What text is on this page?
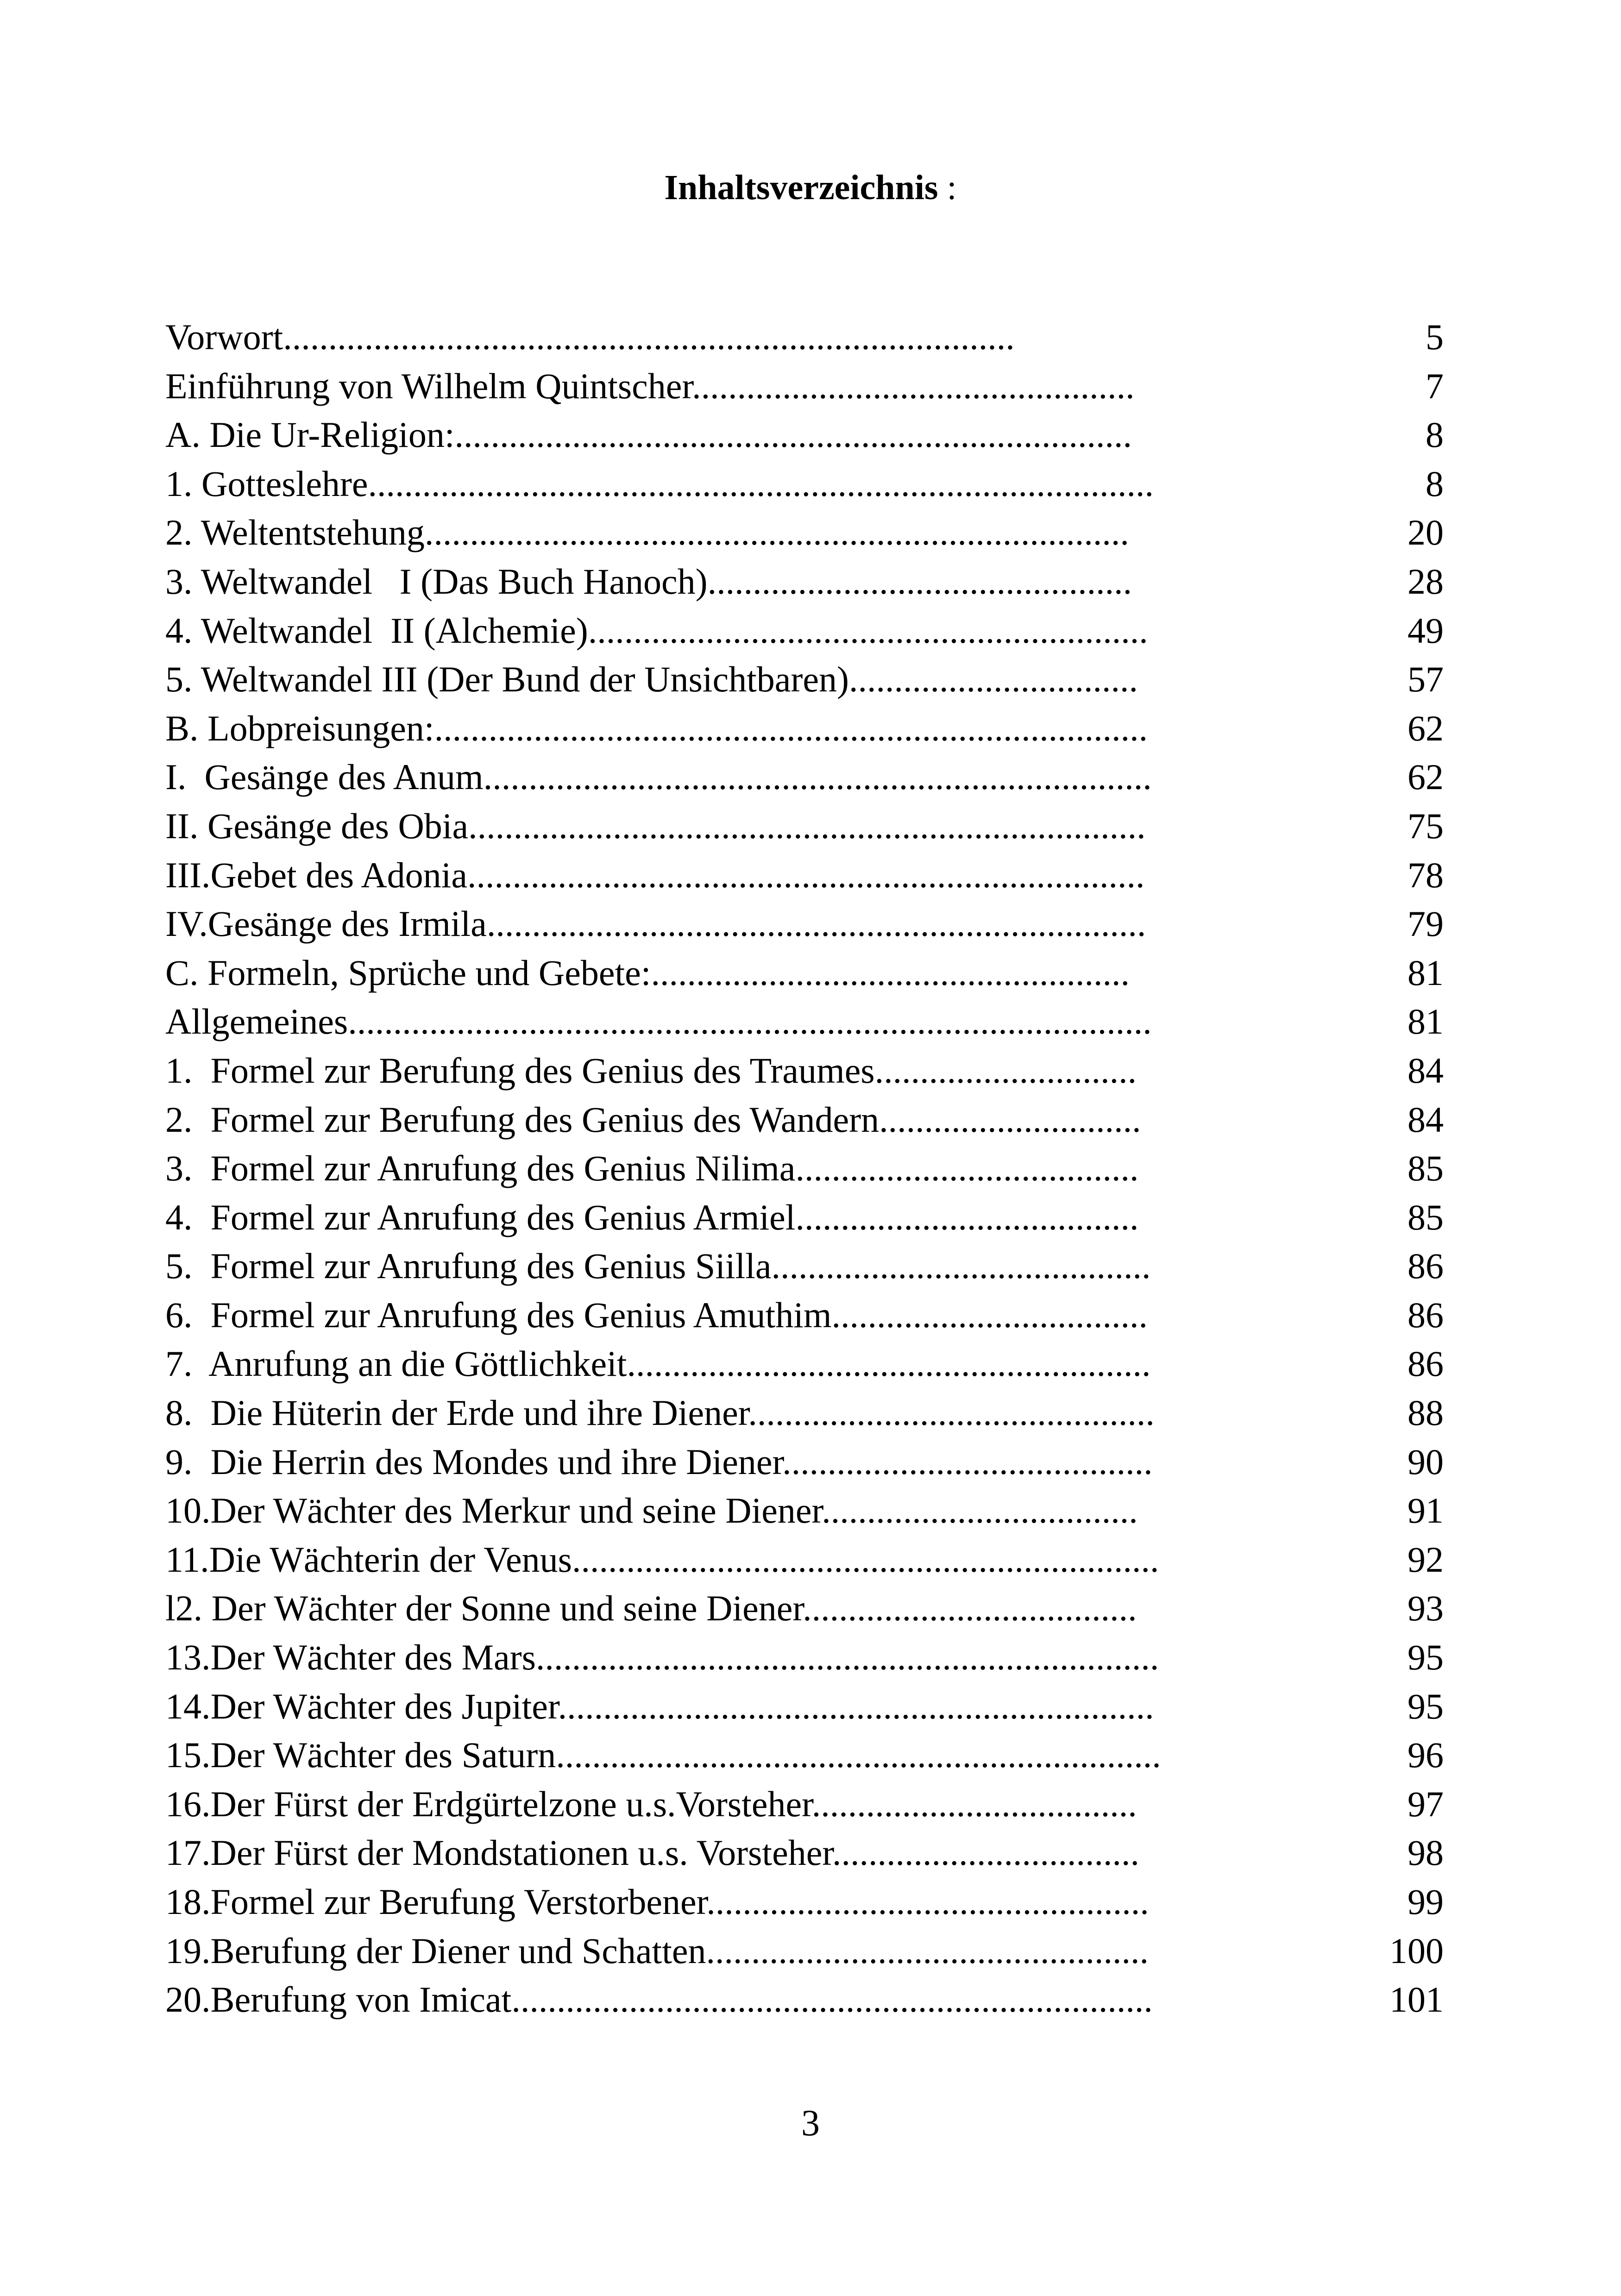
Inhaltsverzeichnis :
Vorwort.................................................................................	5
Einführung von Wilhelm Quintscher.................................................	7
A. Die Ur-Religion:...........................................................................	8
1. Gotteslehre.......................................................................................	8
2. Weltentstehung..............................................................................	20
3. Weltwandel   I (Das Buch Hanoch)...............................................	28
4. Weltwandel  II (Alchemie)..............................................................	49
5. Weltwandel III (Der Bund der Unsichtbaren)................................	57
B. Lobpreisungen:...............................................................................	62
I.  Gesänge des Anum..........................................................................	62
II. Gesänge des Obia...........................................................................	75
III.Gebet des Adonia...........................................................................	78
IV.Gesänge des Irmila.........................................................................	79
C. Formeln, Sprüche und Gebete:.....................................................	81
Allgemeines.........................................................................................	81
1.  Formel zur Berufung des Genius des Traumes.............................	84
2.  Formel zur Berufung des Genius des Wandern.............................	84
3.  Formel zur Anrufung des Genius Nilima......................................	85
4.  Formel zur Anrufung des Genius Armiel......................................	85
5.  Formel zur Anrufung des Genius Siilla..........................................	86
6.  Formel zur Anrufung des Genius Amuthim...................................	86
7.  Anrufung an die Göttlichkeit..........................................................	86
8.  Die Hüterin der Erde und ihre Diener.............................................	88
9.  Die Herrin des Mondes und ihre Diener.........................................	90
10.Der Wächter des Merkur und seine Diener...................................	91
11.Die Wächterin der Venus.................................................................	92
l2. Der Wächter der Sonne und seine Diener.....................................	93
13.Der Wächter des Mars.....................................................................	95
14.Der Wächter des Jupiter..................................................................	95
15.Der Wächter des Saturn...................................................................	96
16.Der Fürst der Erdgürtelzone u.s.Vorsteher....................................	97
17.Der Fürst der Mondstationen u.s. Vorsteher..................................	98
18.Formel zur Berufung Verstorbener.................................................	99
19.Berufung der Diener und Schatten.................................................	100
20.Berufung von Imicat.......................................................................	101
3
